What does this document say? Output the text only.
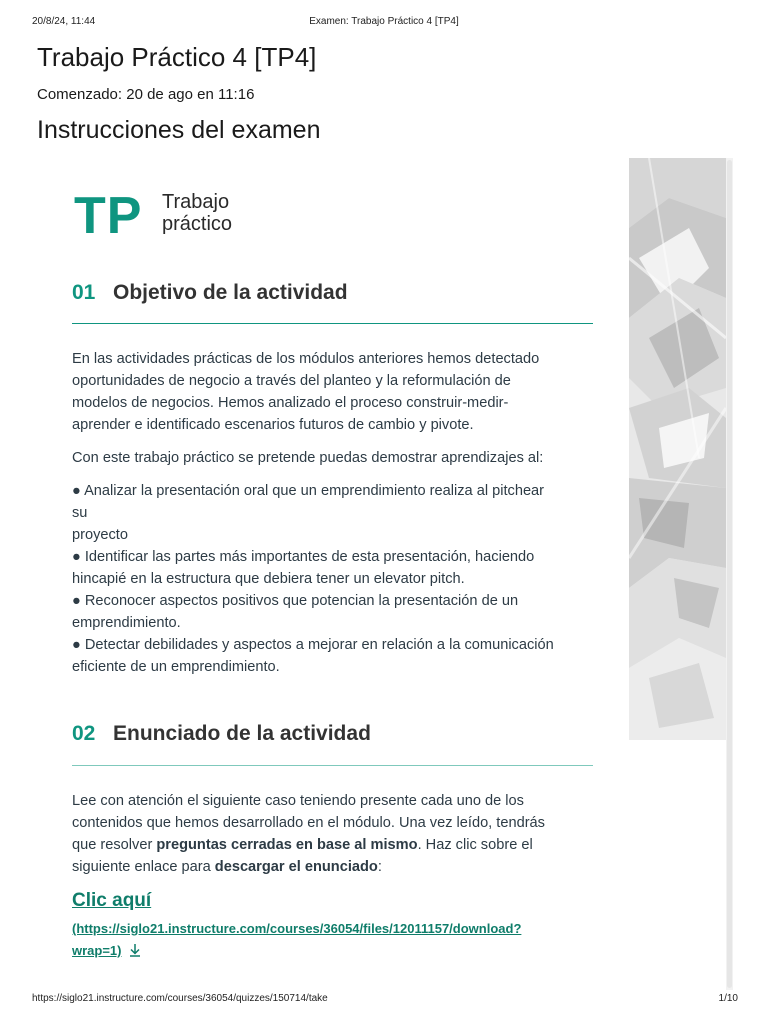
20/8/24, 11:44	Examen: Trabajo Práctico 4 [TP4]
Trabajo Práctico 4 [TP4]
Comenzado: 20 de ago en 11:16
Instrucciones del examen
TP Trabajo
práctico
01 Objetivo de la actividad
En las actividades prácticas de los módulos anteriores hemos detectado
oportunidades de negocio a través del planteo y la reformulación de
modelos de negocios. Hemos analizado el proceso construir-medir-
aprender e identificado escenarios futuros de cambio y pivote.
Con este trabajo práctico se pretende puedas demostrar aprendizajes al:
● Analizar la presentación oral que un emprendimiento realiza al pitchear
su
proyecto
● Identificar las partes más importantes de esta presentación, haciendo
hincapié en la estructura que debiera tener un elevator pitch.
● Reconocer aspectos positivos que potencian la presentación de un
emprendimiento.
● Detectar debilidades y aspectos a mejorar en relación a la comunicación
eficiente de un emprendimiento.
02 Enunciado de la actividad
Lee con atención el siguiente caso teniendo presente cada uno de los
contenidos que hemos desarrollado en el módulo. Una vez leído, tendrás
que resolver preguntas cerradas en base al mismo. Haz clic sobre el
siguiente enlace para descargar el enunciado:
Clic aquí
(https://siglo21.instructure.com/courses/36054/files/12011157/download?
wrap=1)
https://siglo21.instructure.com/courses/36054/quizzes/150714/take	1/10
